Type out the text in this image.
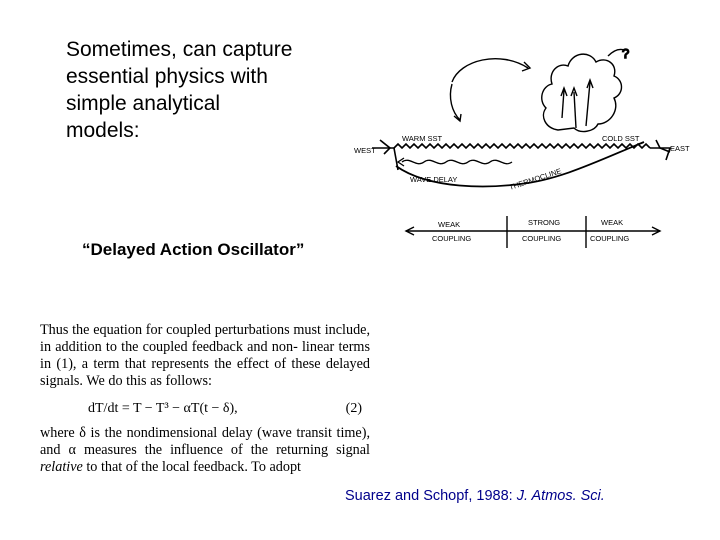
Sometimes, can capture
essential physics with
simple analytical
models:
“Delayed Action Oscillator”
?
WEST	EAST
WARM SST	COLD SST
WAVE DELAY	THERMOCLINE
WEAK
COUPLING
STRONG
COUPLING
WEAK
COUPLING

Thus the equation for coupled perturbations must include, in addition to the coupled feedback and non- linear terms in (1), a term that represents the effect of these delayed signals. We do this as follows:

dT/dt = T − T³ − αT(t − δ),	(2)

where δ is the nondimensional delay (wave transit time), and α measures the influence of the returning signal relative to that of the local feedback. To adopt

Suarez and Schopf, 1988: J. Atmos. Sci.
